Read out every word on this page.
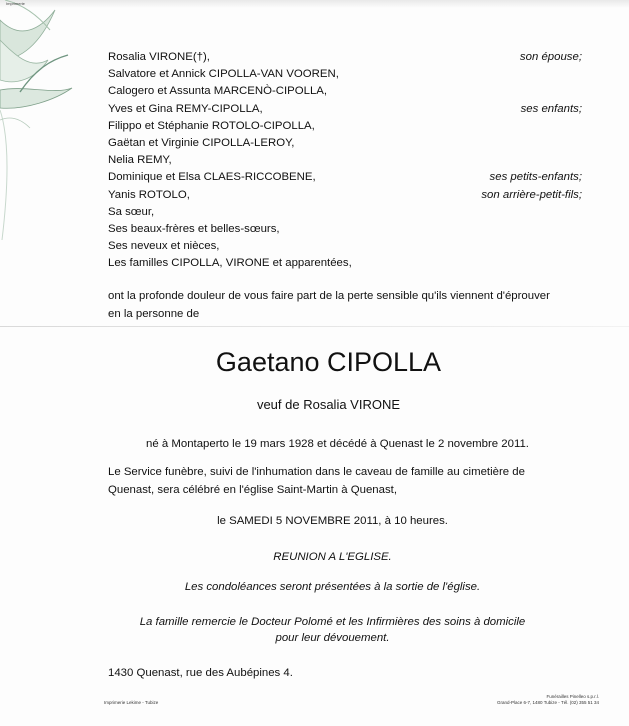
Imprimerie

Rosalia VIRONE(†),	son épouse;
Salvatore et Annick CIPOLLA-VAN VOOREN,
Calogero et Assunta MARCENÒ-CIPOLLA,
Yves et Gina REMY-CIPOLLA,	ses enfants;
Filippo et Stéphanie ROTOLO-CIPOLLA,
Gaëtan et Virginie CIPOLLA-LEROY,
Nelia REMY,
Dominique et Elsa CLAES-RICCOBENE,	ses petits-enfants;
Yanis ROTOLO,	son arrière-petit-fils;
Sa sœur,
Ses beaux-frères et belles-sœurs,
Ses neveux et nièces,
Les familles CIPOLLA, VIRONE et apparentées,

ont la profonde douleur de vous faire part de la perte sensible qu'ils viennent d'éprouver
en la personne de

Gaetano CIPOLLA

veuf de Rosalia VIRONE

né à Montaperto le 19 mars 1928 et décédé à Quenast le 2 novembre 2011.

Le Service funèbre, suivi de l'inhumation dans le caveau de famille au cimetière de
Quenast, sera célébré en l'église Saint-Martin à Quenast,

le SAMEDI 5 NOVEMBRE 2011, à 10 heures.

REUNION A L'EGLISE.

Les condoléances seront présentées à la sortie de l'église.

La famille remercie le Docteur Polomé et les Infirmières des soins à domicile
pour leur dévouement.

1430 Quenast, rue des Aubépines 4.

Imprimerie Lekime - Tubize

Funérailles Pinelleo s.p.r.l.
Grand-Place 6-7, 1480 Tubize - Tél. (02) 355 51 34
